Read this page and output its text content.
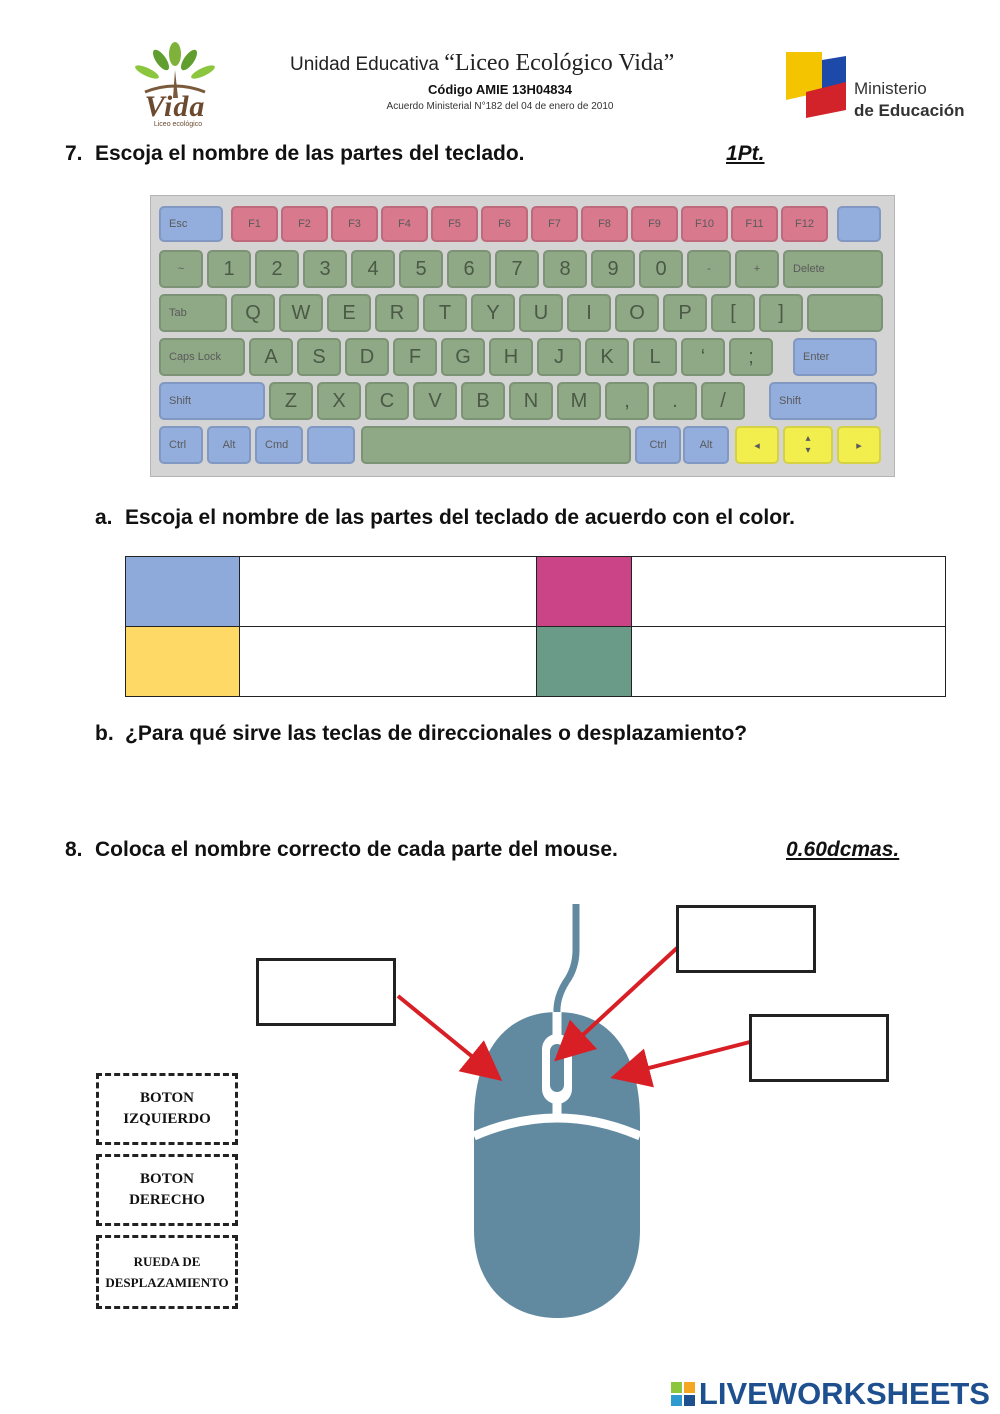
Vida
Liceo ecológico
Unidad Educativa “Liceo Ecológico Vida”
Código AMIE 13H04834
Acuerdo Ministerial N°182 del 04 de enero de 2010
Ministerio
de Educación
7. Escoja el nombre de las partes del teclado.	1Pt.
Esc	F1	F2	F3	F4	F5	F6	F7	F8	F9	F10	F11	F12
~	1	2	3	4	5	6	7	8	9	0	-	+	Delete
Tab	Q	W	E	R	T	Y	U	I	O	P	[	]
Caps Lock	A	S	D	F	G	H	J	K	L	‘	;	Enter
Shift	Z	X	C	V	B	N	M	,	.	/	Shift
Ctrl	Alt	Cmd	Ctrl	Alt	◂	▸
▴
▾
a. Escoja el nombre de las partes del teclado de acuerdo con el color.

b. ¿Para qué sirve las teclas de direccionales o desplazamiento?
8. Coloca el nombre correcto de cada parte del mouse.	0.60dcmas.
BOTON
IZQUIERDO
BOTON
DERECHO
RUEDA DE
DESPLAZAMIENTO
LIVEWORKSHEETS
